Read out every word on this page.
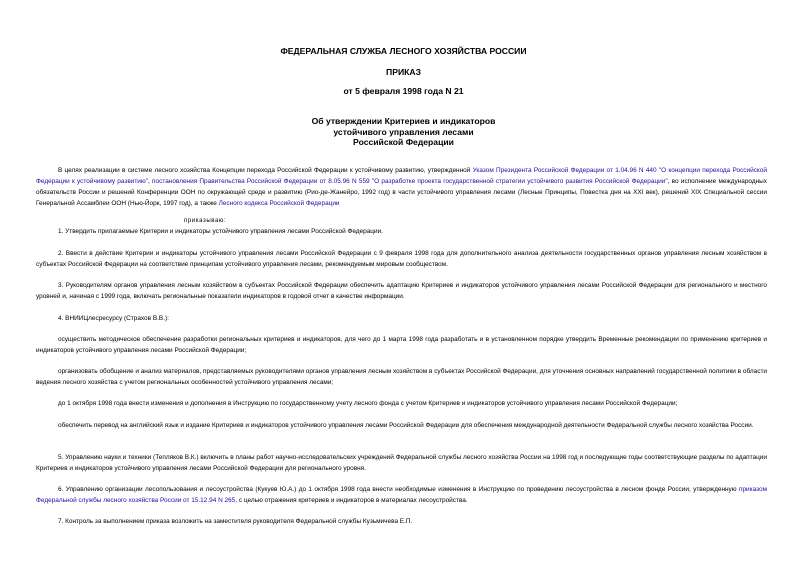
ФЕДЕРАЛЬНАЯ СЛУЖБА ЛЕСНОГО ХОЗЯЙСТВА РОССИИ
ПРИКАЗ
от 5 февраля 1998 года N 21
Об утверждении Критериев и индикаторов
устойчивого управления лесами
Российской Федерации

В целях реализации в системе лесного хозяйства Концепции перехода Российской Федерации к устойчивому развитию, утвержденной Указом Президента Российской Федерации от 1.04.96 N 440 "О концепции перехода Российской Федерации к устойчивому развитию", постановления Правительства Российской Федерации от 8.05.96 N 559 "О разработке проекта государственной стратегии устойчивого развития Российской Федерации", во исполнение международных обязательств России и решений Конференции ООН по окружающей среде и развитию (Рио-де-Жанейро, 1992 год) в части устойчивого управления лесами (Лесные Принципы, Повестка дня на XXI век), решений XIX Специальной сессии Генеральной Ассамблеи ООН (Нью-Йорк, 1997 год), а также Лесного кодекса Российской Федерации

приказываю:

1. Утвердить прилагаемые Критерии и индикаторы устойчивого управления лесами Российской Федерации.

2. Ввести в действие Критерии и индикаторы устойчивого управления лесами Российской Федерации с 9 февраля 1998 года для дополнительного анализа деятельности государственных органов управления лесным хозяйством в субъектах Российской Федерации на соответствие принципам устойчивого управления лесами, рекомендуемым мировым сообществом.

3. Руководителям органов управления лесным хозяйством в субъектах Российской Федерации обеспечить адаптацию Критериев и индикаторов устойчивого управления лесами Российской Федерации для регионального и местного уровней и, начиная с 1999 года, включать региональные показатели индикаторов в годовой отчет в качестве информации.

4. ВНИИЦлесресурсу (Страхов В.В.):

осуществить методическое обеспечение разработки региональных критериев и индикаторов, для чего до 1 марта 1998 года разработать и в установленном порядке утвердить Временные рекомендации по применению критериев и индикаторов устойчивого управления лесами Российской Федерации;

организовать обобщение и анализ материалов, представляемых руководителями органов управления лесным хозяйством в субъектах Российской Федерации, для уточнения основных направлений государственной политики в области ведения лесного хозяйства с учетом региональных особенностей устойчивого управления лесами;

до 1 октября 1998 года внести изменения и дополнения в Инструкцию по государственному учету лесного фонда с учетом Критериев и индикаторов устойчивого управления лесами Российской Федерации;

обеспечить перевод на английский язык и издание Критериев и индикаторов устойчивого управления лесами Российской Федерации для обеспечения международной деятельности Федеральной службы лесного хозяйства России.

5. Управлению науки и техники (Тепляков В.К.) включить в планы работ научно-исследовательских учреждений Федеральной службы лесного хозяйства России на 1998 год и последующие годы соответствующие разделы по адаптации Критериев и индикаторов устойчивого управления лесами Российской Федерации для регионального уровня.

6. Управлению организации лесопользования и лесоустройства (Кукуев Ю.А.) до 1 октября 1998 года внести необходимые изменения в Инструкцию по проведению лесоустройства в лесном фонде России, утвержденную приказом Федеральной службы лесного хозяйства России от 15.12.94 N 265, с целью отражения критериев и индикаторов в материалах лесоустройства.

7. Контроль за выполнением приказа возложить на заместителя руководителя Федеральной службы Кузьмичева Е.П.
